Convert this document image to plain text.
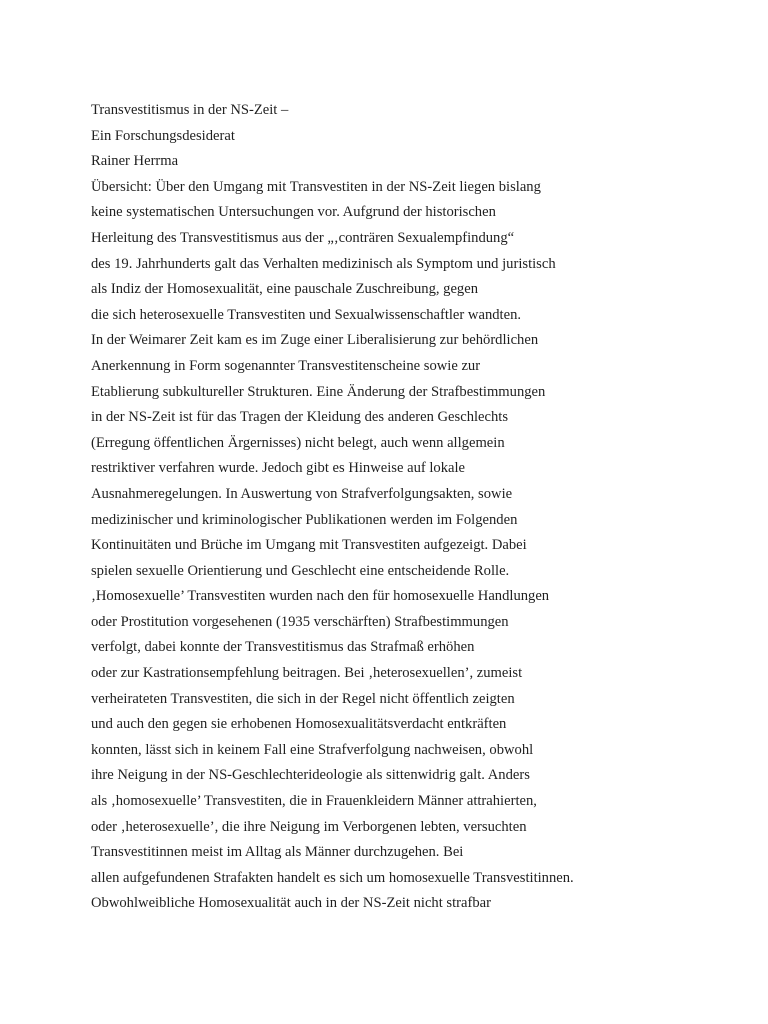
Transvestitismus in der NS-Zeit –
Ein Forschungsdesiderat
Rainer Herrma
Übersicht: Über den Umgang mit Transvestiten in der NS-Zeit liegen bislang
keine systematischen Untersuchungen vor. Aufgrund der historischen
Herleitung des Transvestitismus aus der „‚conträren Sexualempfindung“
des 19. Jahrhunderts galt das Verhalten medizinisch als Symptom und juristisch
als Indiz der Homosexualität, eine pauschale Zuschreibung, gegen
die sich heterosexuelle Transvestiten und Sexualwissenschaftler wandten.
In der Weimarer Zeit kam es im Zuge einer Liberalisierung zur behördlichen
Anerkennung in Form sogenannter Transvestitenscheine sowie zur
Etablierung subkultureller Strukturen. Eine Änderung der Strafbestimmungen
in der NS-Zeit ist für das Tragen der Kleidung des anderen Geschlechts
(Erregung öffentlichen Ärgernisses) nicht belegt, auch wenn allgemein
restriktiver verfahren wurde. Jedoch gibt es Hinweise auf lokale
Ausnahmeregelungen. In Auswertung von Strafverfolgungsakten, sowie
medizinischer und kriminologischer Publikationen werden im Folgenden
Kontinuitäten und Brüche im Umgang mit Transvestiten aufgezeigt. Dabei
spielen sexuelle Orientierung und Geschlecht eine entscheidende Rolle.
‚Homosexuelle’ Transvestiten wurden nach den für homosexuelle Handlungen
oder Prostitution vorgesehenen (1935 verschärften) Strafbestimmungen
verfolgt, dabei konnte der Transvestitismus das Strafmaß erhöhen
oder zur Kastrationsempfehlung beitragen. Bei ‚heterosexuellen’, zumeist
verheirateten Transvestiten, die sich in der Regel nicht öffentlich zeigten
und auch den gegen sie erhobenen Homosexualitätsverdacht entkräften
konnten, lässt sich in keinem Fall eine Strafverfolgung nachweisen, obwohl
ihre Neigung in der NS-Geschlechterideologie als sittenwidrig galt. Anders
als ‚homosexuelle’ Transvestiten, die in Frauenkleidern Männer attrahierten,
oder ‚heterosexuelle’, die ihre Neigung im Verborgenen lebten, versuchten
Transvestitinnen meist im Alltag als Männer durchzugehen. Bei
allen aufgefundenen Strafakten handelt es sich um homosexuelle Transvestitinnen.
Obwohlweibliche Homosexualität auch in der NS-Zeit nicht strafbar
